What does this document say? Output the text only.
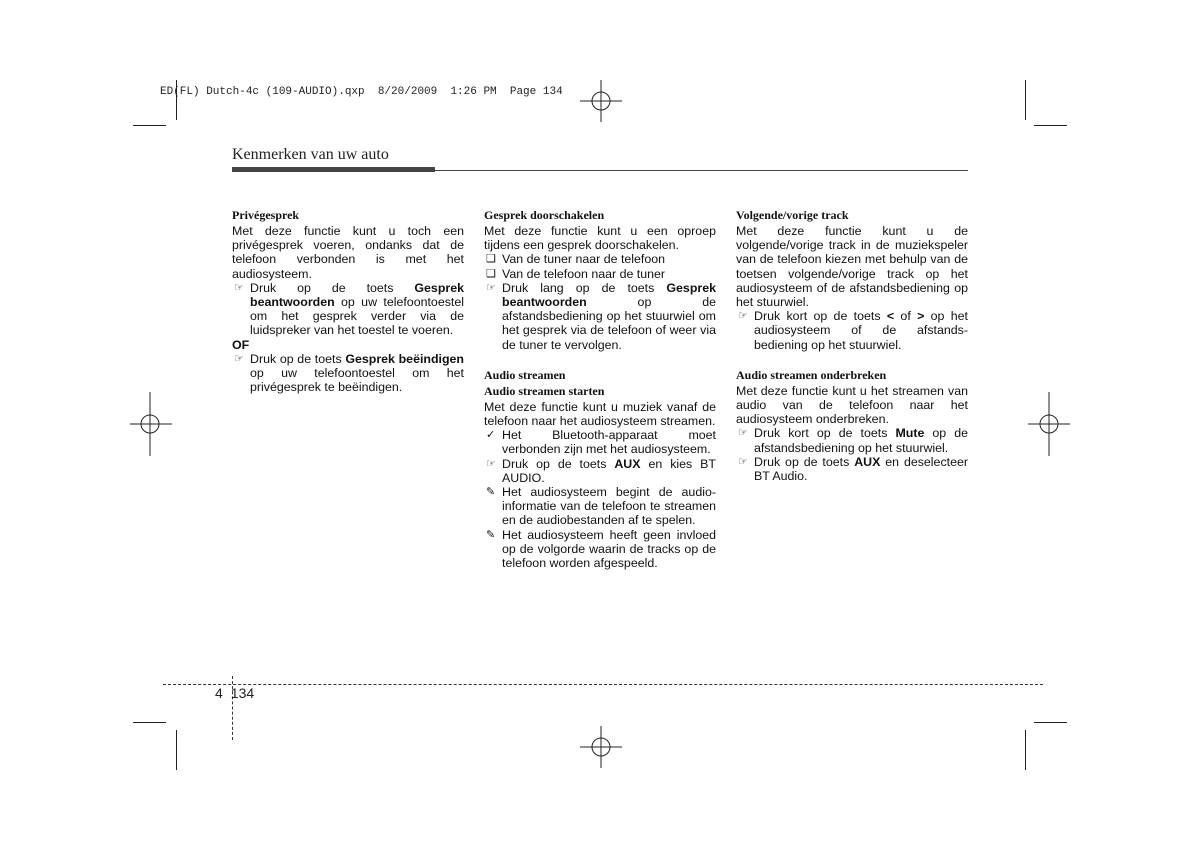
ED(FL) Dutch-4c (109-AUDIO).qxp  8/20/2009  1:26 PM  Page 134
Kenmerken van uw auto
Privégesprek

Met deze functie kunt u toch een privégesprek voeren, ondanks dat de telefoon verbonden is met het audiosysteem.

☞ Druk op de toets Gesprek beantwoorden op uw telefoontoestel om het gesprek verder via de luidspreker van het toestel te voeren.
OF
☞ Druk op de toets Gesprek beëindigen op uw telefoontoestel om het privégesprek te beëindigen.
Gesprek doorschakelen

Met deze functie kunt u een oproep tijdens een gesprek doorschakelen.

❑ Van de tuner naar de telefoon
❑ Van de telefoon naar de tuner
☞ Druk lang op de toets Gesprek beantwoorden op de afstandsbediening op het stuurwiel om het gesprek via de telefoon of weer via de tuner te vervolgen.
Audio streamen
Audio streamen starten

Met deze functie kunt u muziek vanaf de telefoon naar het audiosysteem streamen.

✓ Het Bluetooth-apparaat moet verbonden zijn met het audiosysteem.
☞ Druk op de toets AUX en kies BT AUDIO.
✎ Het audiosysteem begint de audio-informatie van de telefoon te streamen en de audiobestanden af te spelen.
✎ Het audiosysteem heeft geen invloed op de volgorde waarin de tracks op de telefoon worden afgespeeld.
Volgende/vorige track

Met deze functie kunt u de volgende/vorige track in de muziekspeler van de telefoon kiezen met behulp van de toetsen volgende/vorige track op het audiosysteem of de afstandsbediening op het stuurwiel.

☞ Druk kort op de toets < of > op het audiosysteem of de afstands-bediening op het stuurwiel.
Audio streamen onderbreken

Met deze functie kunt u het streamen van audio van de telefoon naar het audiosysteem onderbreken.

☞ Druk kort op de toets Mute op de afstandsbediening op het stuurwiel.
☞ Druk op de toets AUX en deselecteer BT Audio.
4 134
